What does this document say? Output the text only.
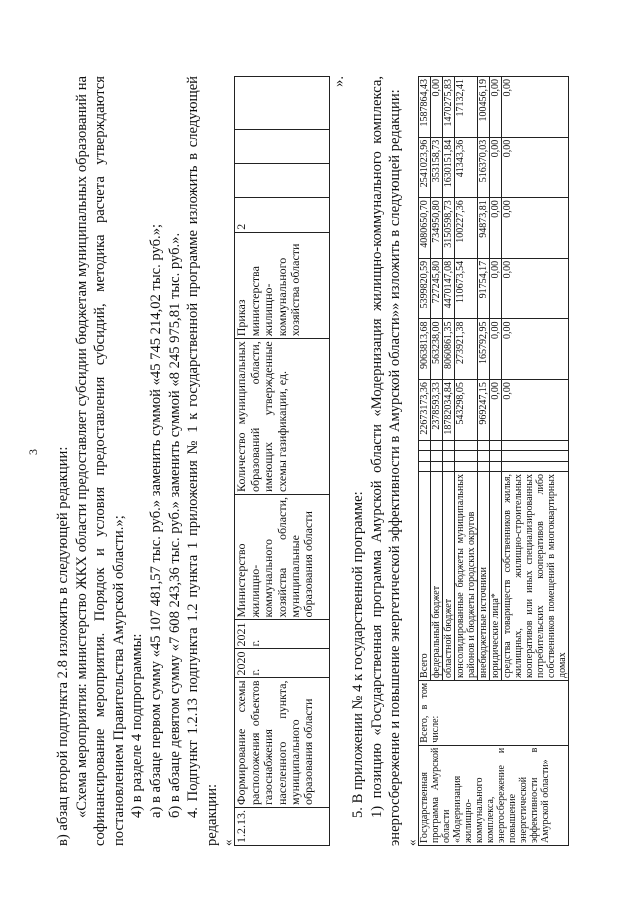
3 в) абзац второй подпункта 2.8 изложить в следующей редакции: «Схема мероприятия: министерство ЖКХ области предоставляет субсидии бюджетам муниципальных образований на софинансирование мероприятия. Порядок и условия предоставления субсидий, методика расчета утверждаются постановлением Правительства Амурской области.»; 4) в разделе 4 подпрограммы: а) в абзаце первом сумму «45 107 481,57 тыс. руб.» заменить суммой «45 745 214,02 тыс. руб.»; б) в абзаце девятом сумму «7 608 243,36 тыс. руб.» заменить суммой «8 245 975,81 тыс. руб.». 4. Подпункт 1.2.13 подпункта 1.2 пункта 1 приложения № 1 к государственной программе изложить в следующей редакции: « 1.2.13.	Формирование схемы расположения объектов газоснабжения населенного пункта, муниципального образования области	2020 г.	2021 г.	Министерство жилищно-коммунального хозяйства области, муниципальные образования области	Количество муниципальных образований области, имеющих утвержденные схемы газификации, ед.	Приказ министерства жилищно-коммунального хозяйства области	2			

».

5. В приложении № 4 к государственной программе: 1) позицию «Государственная программа Амурской области «Модернизация жилищно-коммунального комплекса, энергосбережение и повышение энергетической эффективности в Амурской области»» изложить в следующей редакции: « Государственная программа Амурской области «Модернизация жилищно-коммунального комплекса, энергосбережение и повышение энергетической эффективности в Амурской области»	Всего, в том числе:	Всего				22673173,36	9063813,68	5399820,59	4080650,70	2541023,96	1587864,43
		федеральный бюджет				2378593,33	563238,00	727245,80	734950,80	353158,73	0,00
		областной бюджет				18782034,84	8060861,35	4470147,08	3150598,73	1630151,84	1470275,83
		консолидированные бюджеты муниципальных районов и бюджеты городских округов				543298,05	273921,38	110673,54	100227,36	41343,36	17132,41
		внебюджетные источники				969247,15	165792,95	91754,17	94873,81	516370,03	100456,19
		юридические лица*				0,00	0,00	0,00	0,00	0,00	0,00
		средства товариществ собственников жилья, жилищных, жилищно-строительных кооперативов или иных специализированных потребительских кооперативов либо собственников помещений в многоквартирных домах				0,00	0,00	0,00	0,00	0,00	0,00
